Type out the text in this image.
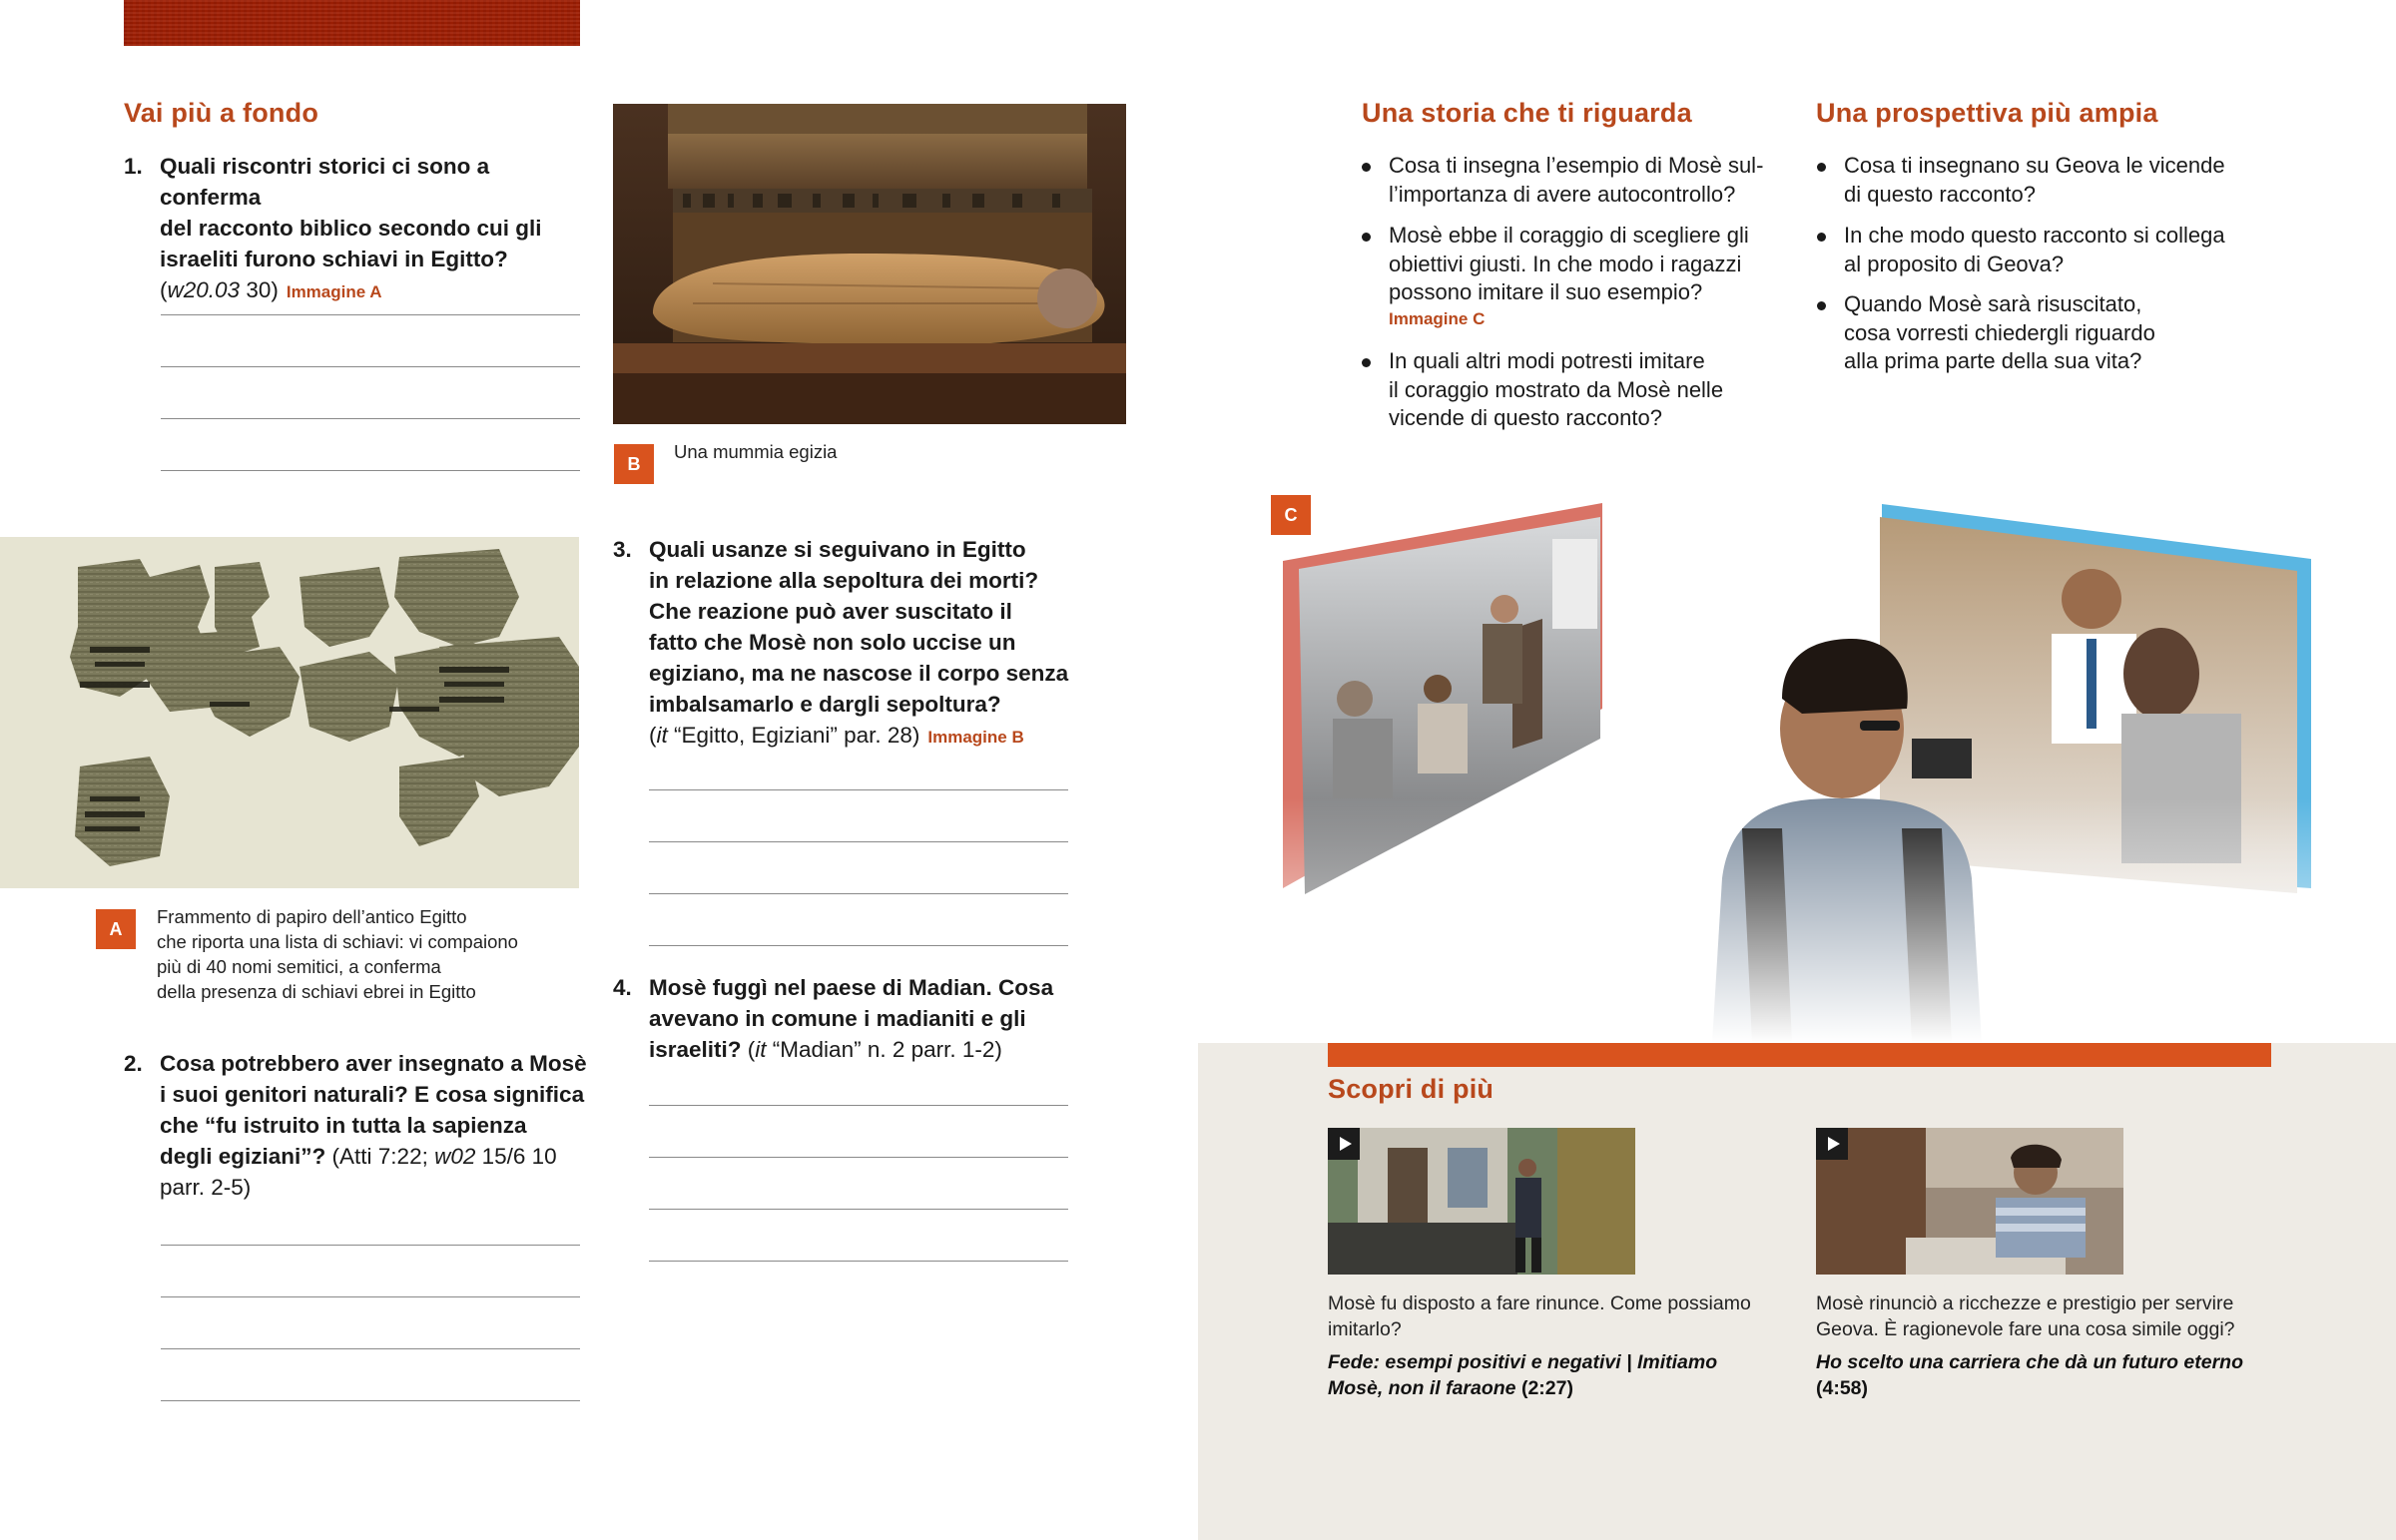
Vai più a fondo
1. Quali riscontri storici ci sono a conferma
del racconto biblico secondo cui gli
israeliti furono schiavi in Egitto?
(w20.03 30) Immagine A
A
Frammento di papiro dell’antico Egitto
che riporta una lista di schiavi: vi compaiono
più di 40 nomi semitici, a conferma
della presenza di schiavi ebrei in Egitto
2. Cosa potrebbero aver insegnato a Mosè
i suoi genitori naturali? E cosa significa
che “fu istruito in tutta la sapienza
degli egiziani”? (Atti 7:22; w02 15/6 10
parr. 2-5)
B
Una mummia egizia
3. Quali usanze si seguivano in Egitto
in relazione alla sepoltura dei morti?
Che reazione può aver suscitato il
fatto che Mosè non solo uccise un
egiziano, ma ne nascose il corpo senza
imbalsamarlo e dargli sepoltura?
(it “Egitto, Egiziani” par. 28) Immagine B
4. Mosè fuggì nel paese di Madian. Cosa
avevano in comune i madianiti e gli
israeliti? (it “Madian” n. 2 parr. 1-2)
Una storia che ti riguarda	Una prospettiva più ampia
Cosa ti insegna l’esempio di Mosè sul-
l’importanza di avere autocontrollo?
Mosè ebbe il coraggio di scegliere gli
obiettivi giusti. In che modo i ragazzi
possono imitare il suo esempio?
Immagine C
In quali altri modi potresti imitare
il coraggio mostrato da Mosè nelle
vicende di questo racconto?
Cosa ti insegnano su Geova le vicende
di questo racconto?
In che modo questo racconto si collega
al proposito di Geova?
Quando Mosè sarà risuscitato,
cosa vorresti chiedergli riguardo
alla prima parte della sua vita?
Scopri di più
Mosè fu disposto a fare rinunce. Come possiamo
imitarlo?
Fede: esempi positivi e negativi | Imitiamo
Mosè, non il faraone (2:27)
Mosè rinunciò a ricchezze e prestigio per servire
Geova. È ragionevole fare una cosa simile oggi?
Ho scelto una carriera che dà un futuro eterno
(4:58)
